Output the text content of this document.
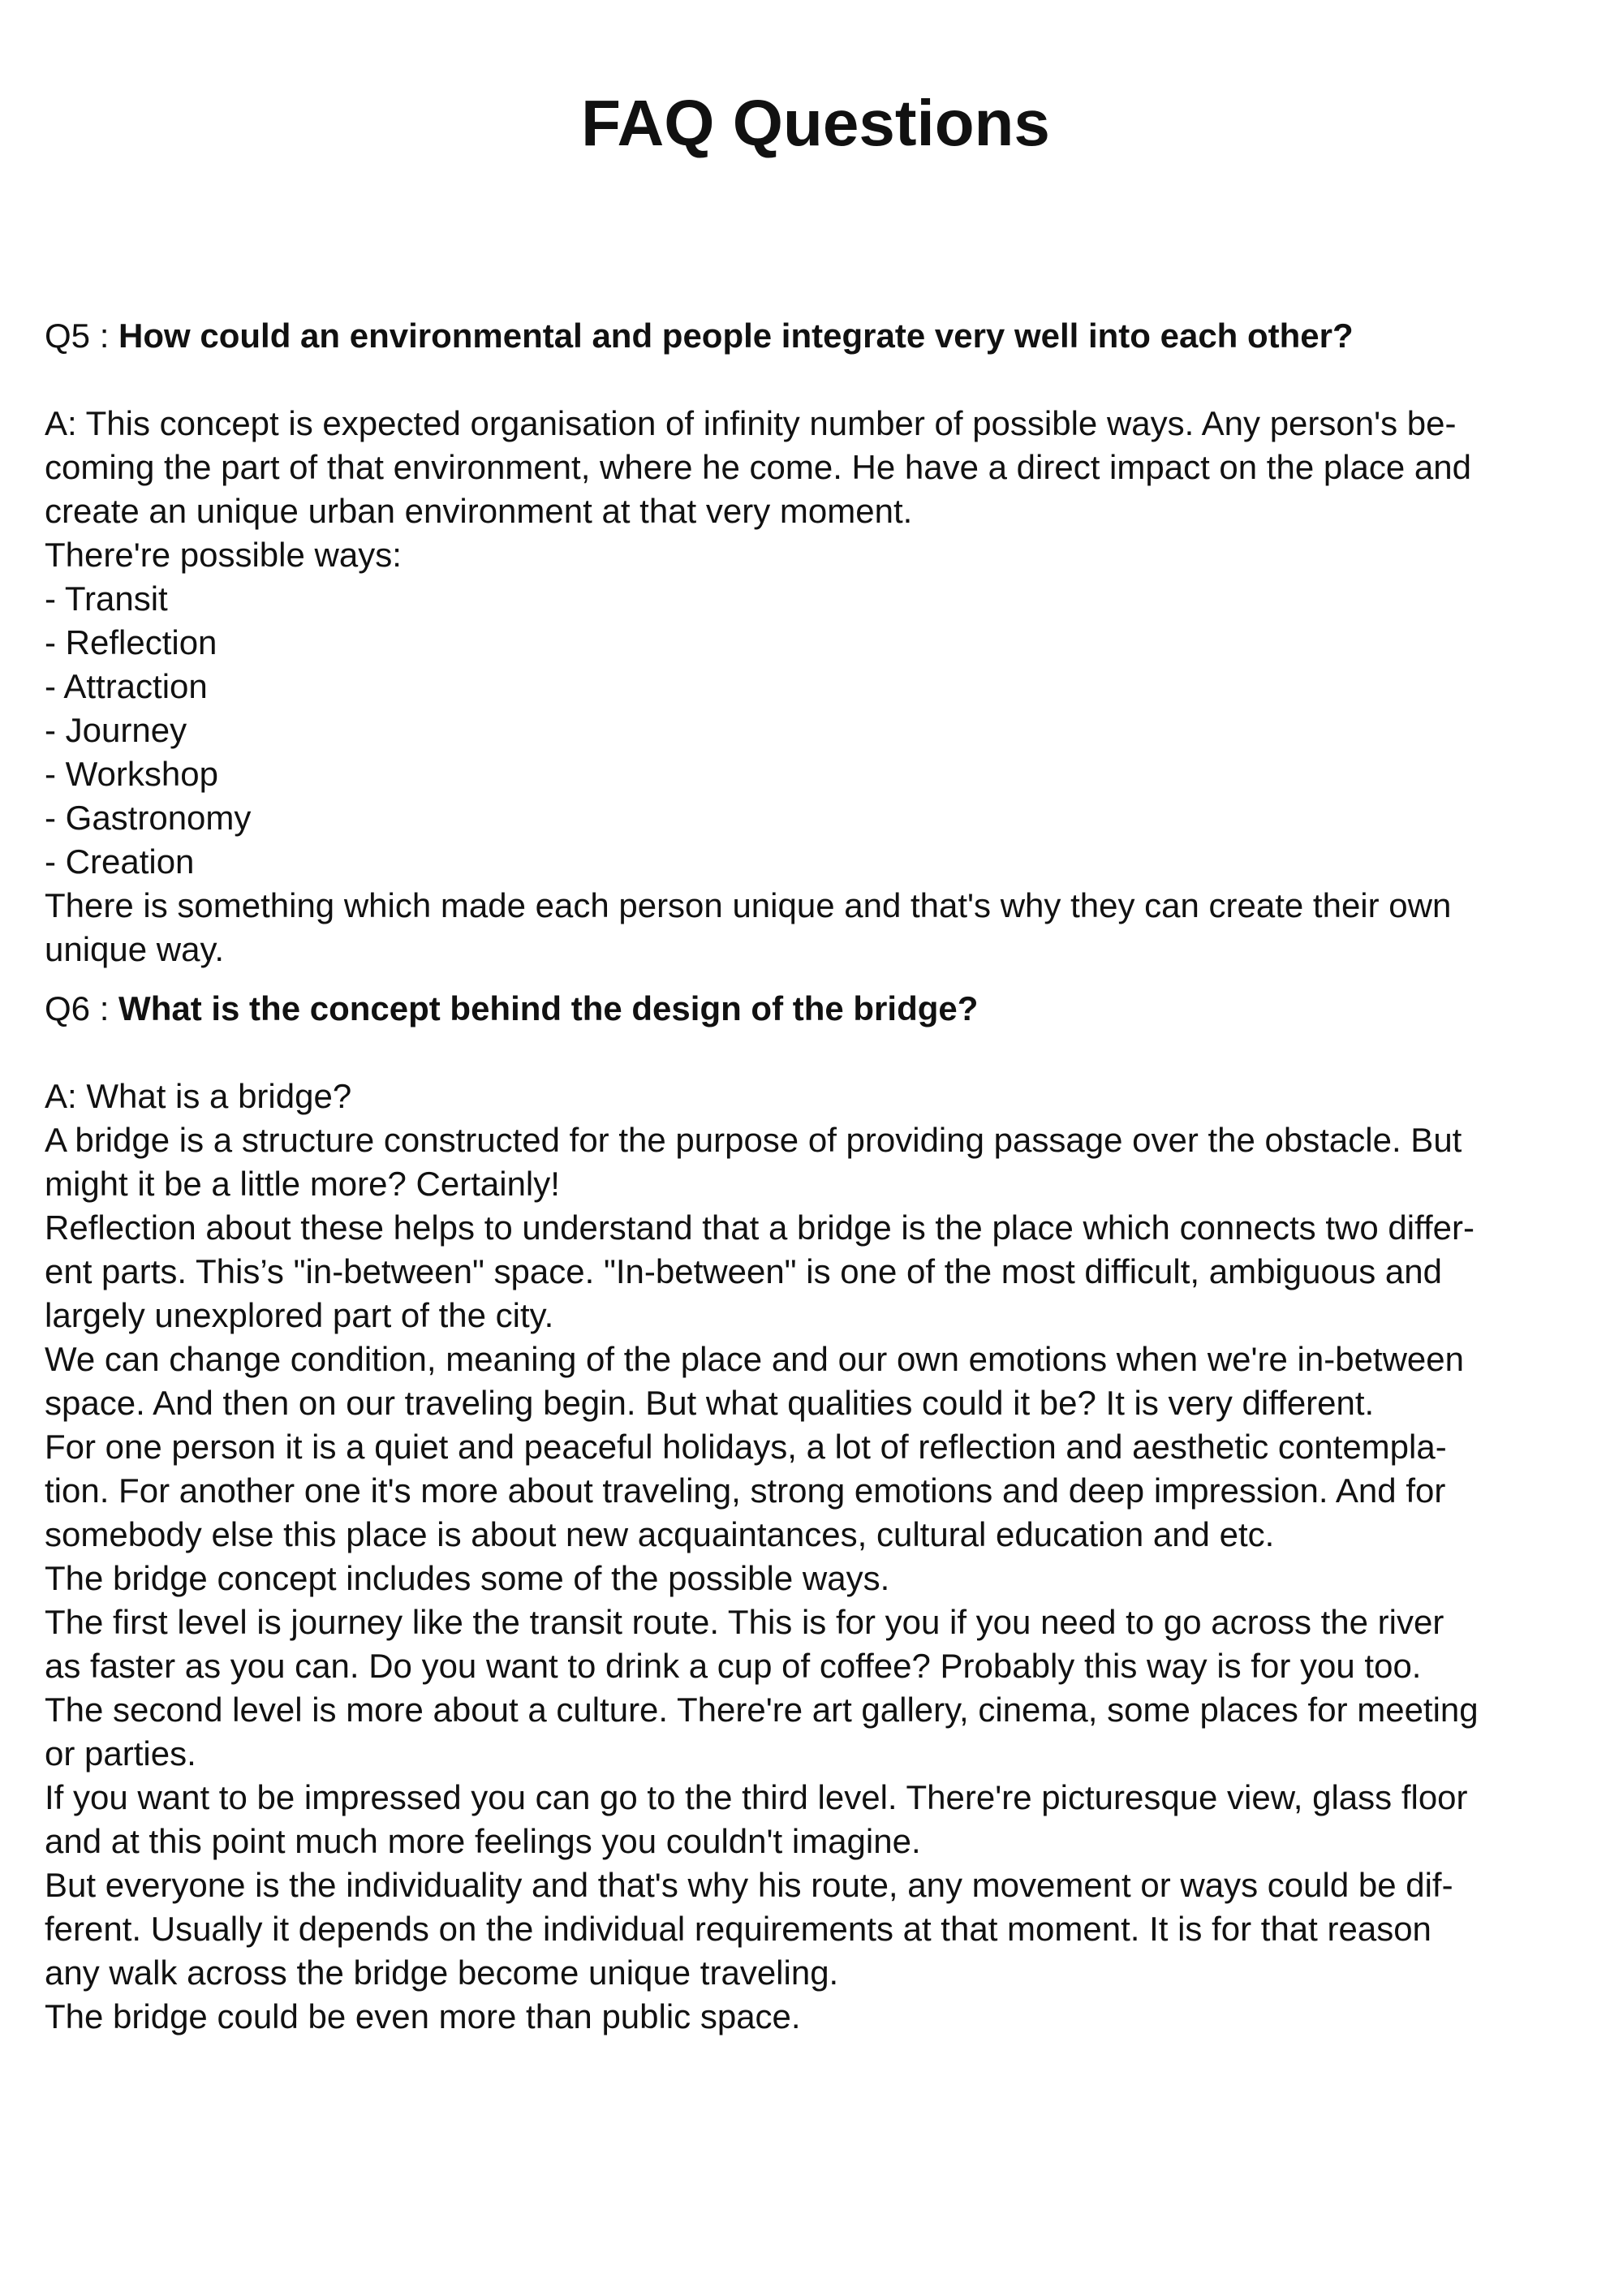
FAQ Questions
Q5 : How could an environmental and people integrate very well into each other?
A: This concept is expected organisation of infinity number of possible ways. Any person's be-
coming the part of that environment, where he come. He have a direct impact on the place and
create an unique urban environment at that very moment.
There're possible ways:
- Transit
- Reflection
- Attraction
- Journey
- Workshop
- Gastronomy
- Creation
There is something which made each person unique and that's why they can create their own
unique way.
Q6 : What is the concept behind the design of the bridge?
A: What is a bridge?
A bridge is a structure constructed for the purpose of providing passage over the obstacle. But
might it be a little more? Certainly!
Reflection about these helps to understand that a bridge is the place which connects two differ-
ent parts. This’s "in-between" space. "In-between" is one of the most difficult, ambiguous and
largely unexplored part of the city.
We can change condition, meaning of the place and our own emotions when we're in-between
space. And then on our traveling begin. But what qualities could it be? It is very different.
For one person it is a quiet and peaceful holidays, a lot of reflection and aesthetic contempla-
tion. For another one it's more about traveling, strong emotions and deep impression. And for
somebody else this place is about new acquaintances, cultural education and etc.
The bridge concept includes some of the possible ways.
The first level is journey like the transit route. This is for you if you need to go across the river
as faster as you can. Do you want to drink a cup of coffee? Probably this way is for you too.
The second level is more about a culture. There're art gallery, cinema, some places for meeting
or parties.
If you want to be impressed you can go to the third level. There're picturesque view, glass floor
and at this point much more feelings you couldn't imagine.
But everyone is the individuality and that's why his route, any movement or ways could be dif-
ferent. Usually it depends on the individual requirements at that moment. It is for that reason
any walk across the bridge become unique traveling.
The bridge could be even more than public space.
